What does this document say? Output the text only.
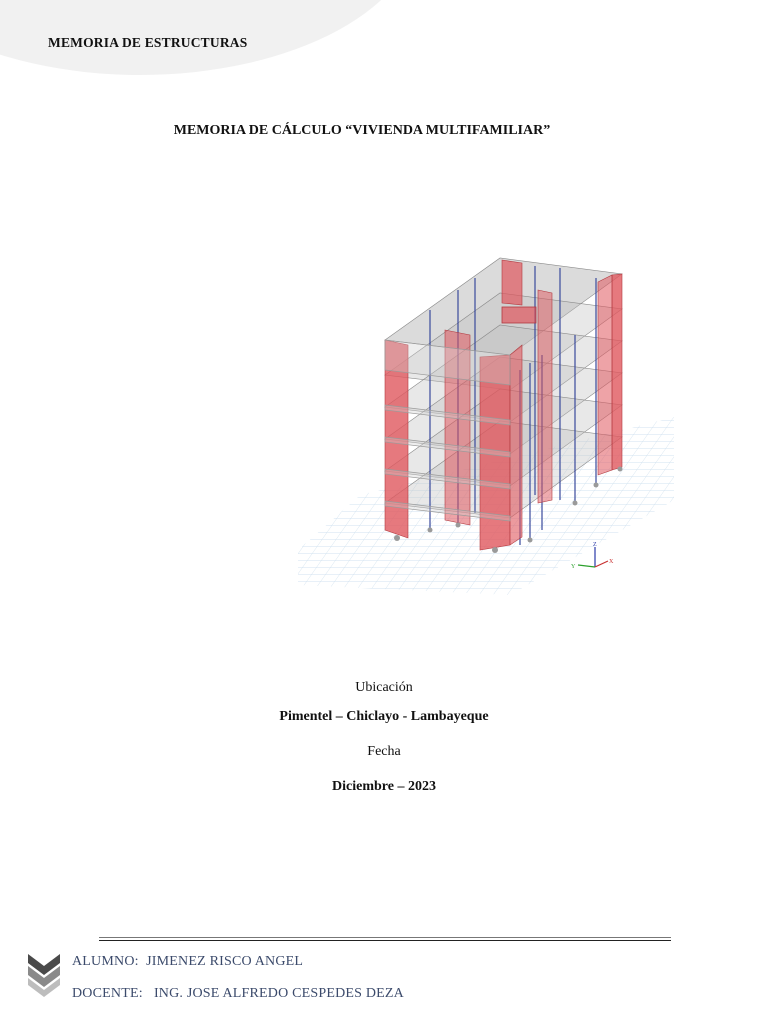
MEMORIA DE ESTRUCTURAS
MEMORIA DE CÁLCULO “VIVIENDA MULTIFAMILIAR”
Z
X
Y
Ubicación
Pimentel – Chiclayo - Lambayeque
Fecha
Diciembre – 2023
ALUMNO: JIMENEZ RISCO ANGEL
DOCENTE: ING. JOSE ALFREDO CESPEDES DEZA
